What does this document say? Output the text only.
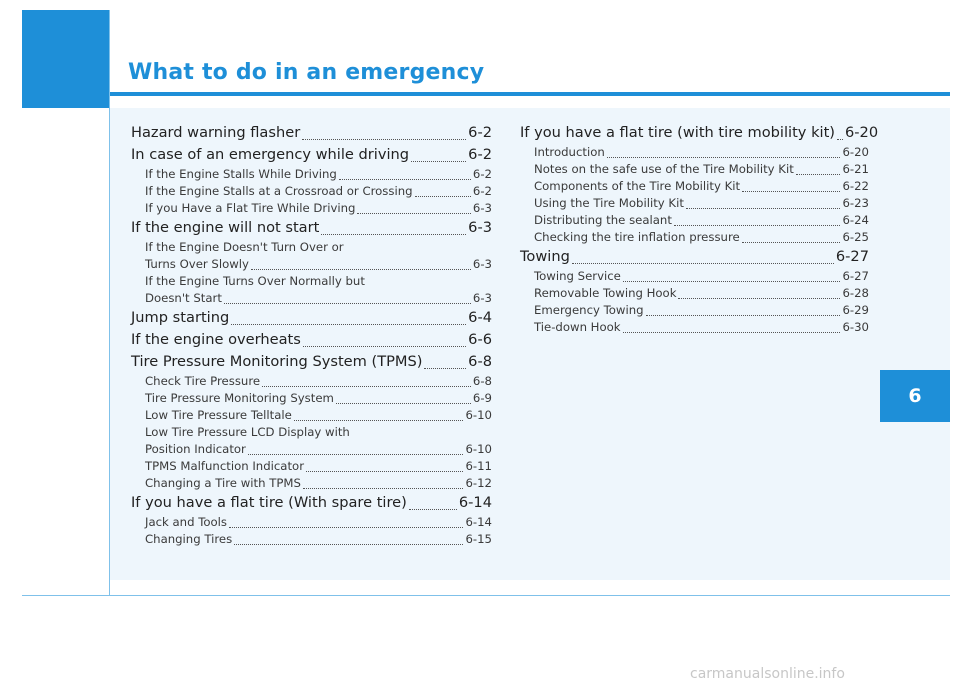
What to do in an emergency
Hazard warning flasher	6-2
In case of an emergency while driving	6-2
If the Engine Stalls While Driving	6-2
If the Engine Stalls at a Crossroad or Crossing	6-2
If you Have a Flat Tire While Driving	6-3
If the engine will not start	6-3
If the Engine Doesn't Turn Over or
Turns Over Slowly	6-3
If the Engine Turns Over Normally but
Doesn't Start	6-3
Jump starting	6-4
If the engine overheats	6-6
Tire Pressure Monitoring System (TPMS)	6-8
Check Tire Pressure	6-8
Tire Pressure Monitoring System	6-9
Low Tire Pressure Telltale	6-10
Low Tire Pressure LCD Display with
Position Indicator	6-10
TPMS Malfunction Indicator	6-11
Changing a Tire with TPMS	6-12
If you have a flat tire (With spare tire)	6-14
Jack and Tools	6-14
Changing Tires	6-15
If you have a flat tire (with tire mobility kit) 6-20
Introduction	6-20
Notes on the safe use of the Tire Mobility Kit	6-21
Components of the Tire Mobility Kit	6-22
Using the Tire Mobility Kit	6-23
Distributing the sealant	6-24
Checking the tire inflation pressure	6-25
Towing	6-27
Towing Service	6-27
Removable Towing Hook	6-28
Emergency Towing	6-29
Tie-down Hook	6-30
6
carmanualsonline.info
